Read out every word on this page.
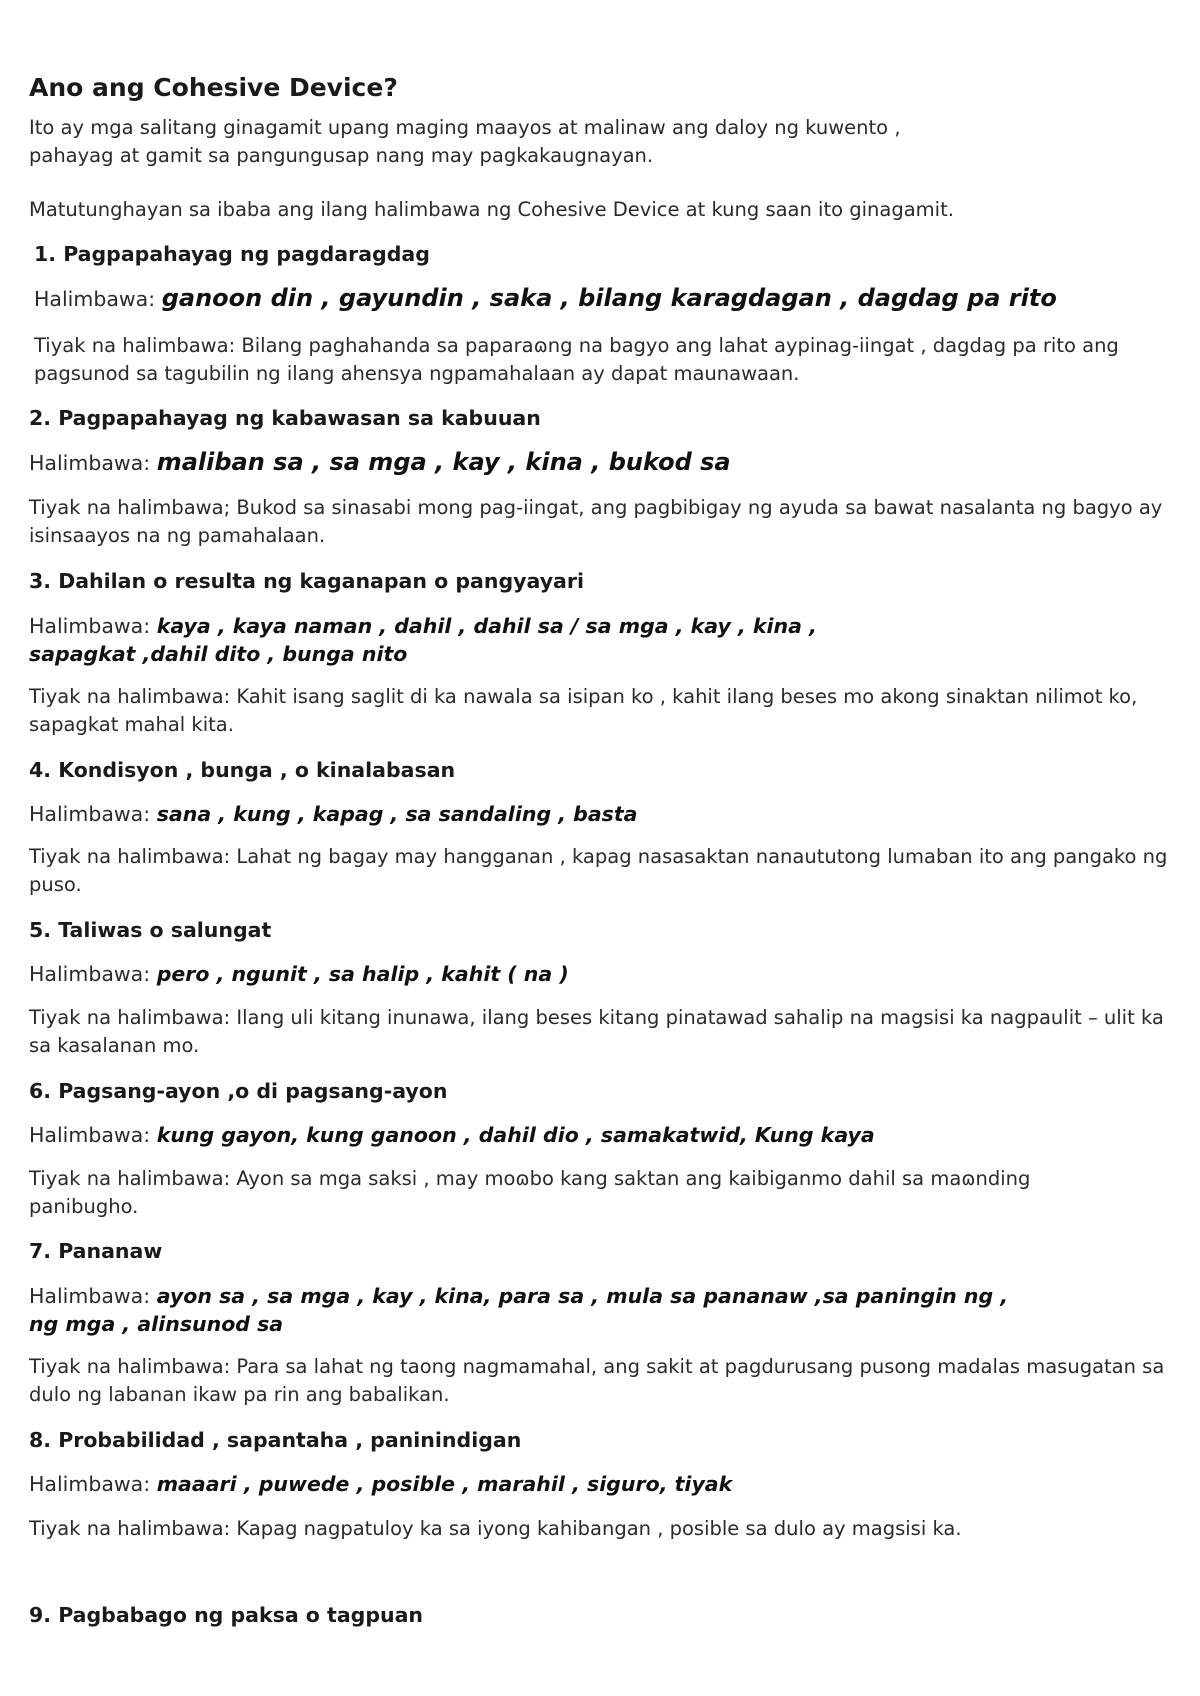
Ano ang Cohesive Device?

Ito ay mga salitang ginagamit upang maging maayos at malinaw ang daloy ng kuwento , pahayag at gamit sa pangungusap nang may pagkakaugnayan.

Matutunghayan sa ibaba ang ilang halimbawa ng Cohesive Device at kung saan ito ginagamit.

1. Pagpapahayag ng pagdaragdag

Halimbawa: ganoon din , gayundin , saka , bilang karagdagan , dagdag pa rito

Tiyak na halimbawa: Bilang paghahanda sa paparaɷng na bagyo ang lahat aypinag-iingat , dagdag pa rito ang pagsunod sa tagubilin ng ilang ahensya ngpamahalaan ay dapat maunawaan.

2. Pagpapahayag ng kabawasan sa kabuuan

Halimbawa: maliban sa , sa mga , kay , kina , bukod sa

Tiyak na halimbawa; Bukod sa sinasabi mong pag-iingat, ang pagbibigay ng ayuda sa bawat nasalanta ng bagyo ay isinsaayos na ng pamahalaan.

3. Dahilan o resulta ng kaganapan o pangyayari

Halimbawa: kaya , kaya naman , dahil , dahil sa / sa mga , kay , kina , sapagkat ,dahil dito , bunga nito

Tiyak na halimbawa: Kahit isang saglit di ka nawala sa isipan ko , kahit ilang beses mo akong sinaktan nilimot ko, sapagkat mahal kita.

4. Kondisyon , bunga , o kinalabasan

Halimbawa: sana , kung , kapag , sa sandaling , basta

Tiyak na halimbawa: Lahat ng bagay may hangganan , kapag nasasaktan nanaututong lumaban ito ang pangako ng puso.

5. Taliwas o salungat

Halimbawa: pero , ngunit , sa halip , kahit ( na )

Tiyak na halimbawa: Ilang uli kitang inunawa, ilang beses kitang pinatawad sahalip na magsisi ka nagpaulit – ulit ka sa kasalanan mo.

6. Pagsang-ayon ,o di pagsang-ayon

Halimbawa: kung gayon, kung ganoon , dahil dio , samakatwid, Kung kaya

Tiyak na halimbawa: Ayon sa mga saksi , may moɷbo kang saktan ang kaibiganmo dahil sa maɷnding panibugho.

7. Pananaw

Halimbawa: ayon sa , sa mga , kay , kina, para sa , mula sa pananaw ,sa paningin ng , ng mga , alinsunod sa

Tiyak na halimbawa: Para sa lahat ng taong nagmamahal, ang sakit at pagdurusang pusong madalas masugatan sa dulo ng labanan ikaw pa rin ang babalikan.

8. Probabilidad , sapantaha , paninindigan

Halimbawa: maaari , puwede , posible , marahil , siguro, tiyak

Tiyak na halimbawa: Kapag nagpatuloy ka sa iyong kahibangan , posible sa dulo ay magsisi ka.

9. Pagbabago ng paksa o tagpuan
